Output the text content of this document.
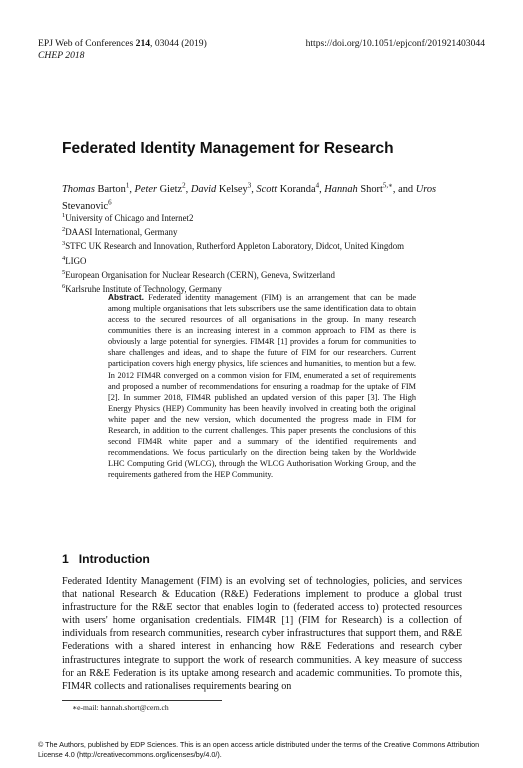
EPJ Web of Conferences 214, 03044 (2019)	https://doi.org/10.1051/epjconf/201921403044
CHEP 2018
Federated Identity Management for Research
Thomas Barton$^1$, Peter Gietz$^2$, David Kelsey$^3$, Scott Koranda$^4$, Hannah Short$^{5,∗}$, and Uros Stevanovic$^6$
$^1$University of Chicago and Internet2
$^2$DAASI International, Germany
$^3$STFC UK Research and Innovation, Rutherford Appleton Laboratory, Didcot, United Kingdom
$^4$LIGO
$^5$European Organisation for Nuclear Research (CERN), Geneva, Switzerland
$^6$Karlsruhe Institute of Technology, Germany
Abstract. Federated identity management (FIM) is an arrangement that can be made among multiple organisations that lets subscribers use the same identification data to obtain access to the secured resources of all organisations in the group. In many research communities there is an increasing interest in a common approach to FIM as there is obviously a large potential for synergies. FIM4R [1] provides a forum for communities to share challenges and ideas, and to shape the future of FIM for our researchers. Current participation covers high energy physics, life sciences and humanities, to mention but a few. In 2012 FIM4R converged on a common vision for FIM, enumerated a set of requirements and proposed a number of recommendations for ensuring a roadmap for the uptake of FIM [2]. In summer 2018, FIM4R published an updated version of this paper [3]. The High Energy Physics (HEP) Community has been heavily involved in creating both the original white paper and the new version, which documented the progress made in FIM for Research, in addition to the current challenges. This paper presents the conclusions of this second FIM4R white paper and a summary of the identified requirements and recommendations. We focus particularly on the direction being taken by the Worldwide LHC Computing Grid (WLCG), through the WLCG Authorisation Working Group, and the requirements gathered from the HEP Community.
1 Introduction
Federated Identity Management (FIM) is an evolving set of technologies, policies, and services that national Research & Education (R&E) Federations implement to produce a global trust infrastructure for the R&E sector that enables login to (federated access to) protected resources with users' home organisation credentials. FIM4R [1] (FIM for Research) is a collection of individuals from research communities, research cyber infrastructures that support them, and R&E Federations with a shared interest in enhancing how R&E Federations and research cyber infrastructures integrate to support the work of research communities. A key measure of success for an R&E Federation is its uptake among research and academic communities. To promote this, FIM4R collects and rationalises requirements bearing on
∗e-mail: hannah.short@cern.ch
© The Authors, published by EDP Sciences. This is an open access article distributed under the terms of the Creative Commons Attribution License 4.0 (http://creativecommons.org/licenses/by/4.0/).
